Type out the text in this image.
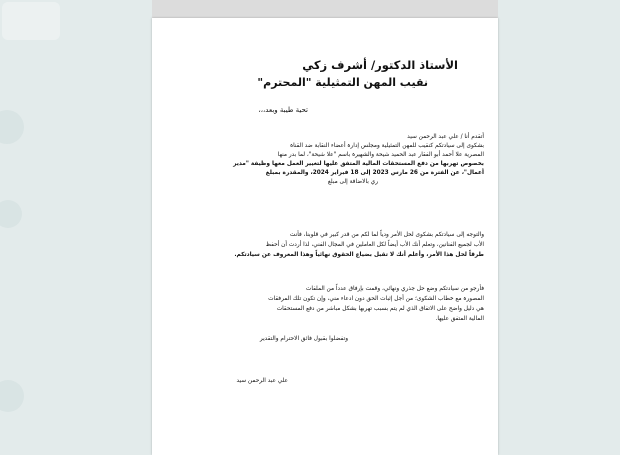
الأستاذ الدكتور/ أشرف زكي
نقيب المهن التمثيلية "المحترم"
تحية طيبة وبعد،،،
أتقدم أنا / علي عبد الرحمن سيد
بشكوى إلى سيادتكم كنقيب للمهن التمثيلية ومجلس إدارة أعضاء النقابة ضد القناة
المصرية علا أحمد أبو الفقار عبد الحميد شيحة والشهيرة باسم "علا شيحة"، لما بدر منها
بخصوص تهربها من دفع المستحقات المالية المتفق عليها لتغيير العمل معها وظيفة "مدير
أعمال"، عن الفترة من 26 مارس 2023 إلى 18 فبراير 2024، والمقدرة بمبلغ
ري بالاضافة إلى مبلغ
والتوجه إلى سيادتكم بشكوى لحل الأمر ودياً لما لكم من قدر كبير في قلوبنا، فأنت
الأب لجميع الفنانين، وتعلم أنك الأب أيضاً لكل العاملين في المجال الفني، لذا أردت أن أحفظ
طرقاً لحل هذا الأمر، وأعلم أنك لا تقبل بضياع الحقوق نهائياً وهذا المعروف عن سيادتكم.
فأرجو من سيادتكم وضع حل جذري ونهائي، وقمت بإرفاق عدداً من الملفات
المصورة مع خطاب الشكوى؛ من أجل إثبات الحق دون ادعاء مني، وإن تكون تلك المرفقات
هي دليل واضح على الاتفاق الذي لم يتم بسبب تهربها بشكل مباشر من دفع المستحقات
المالية المتفق عليها.
وتفضلوا بقبول فائق الاحترام والتقدير
علي عبد الرحمن سيد
